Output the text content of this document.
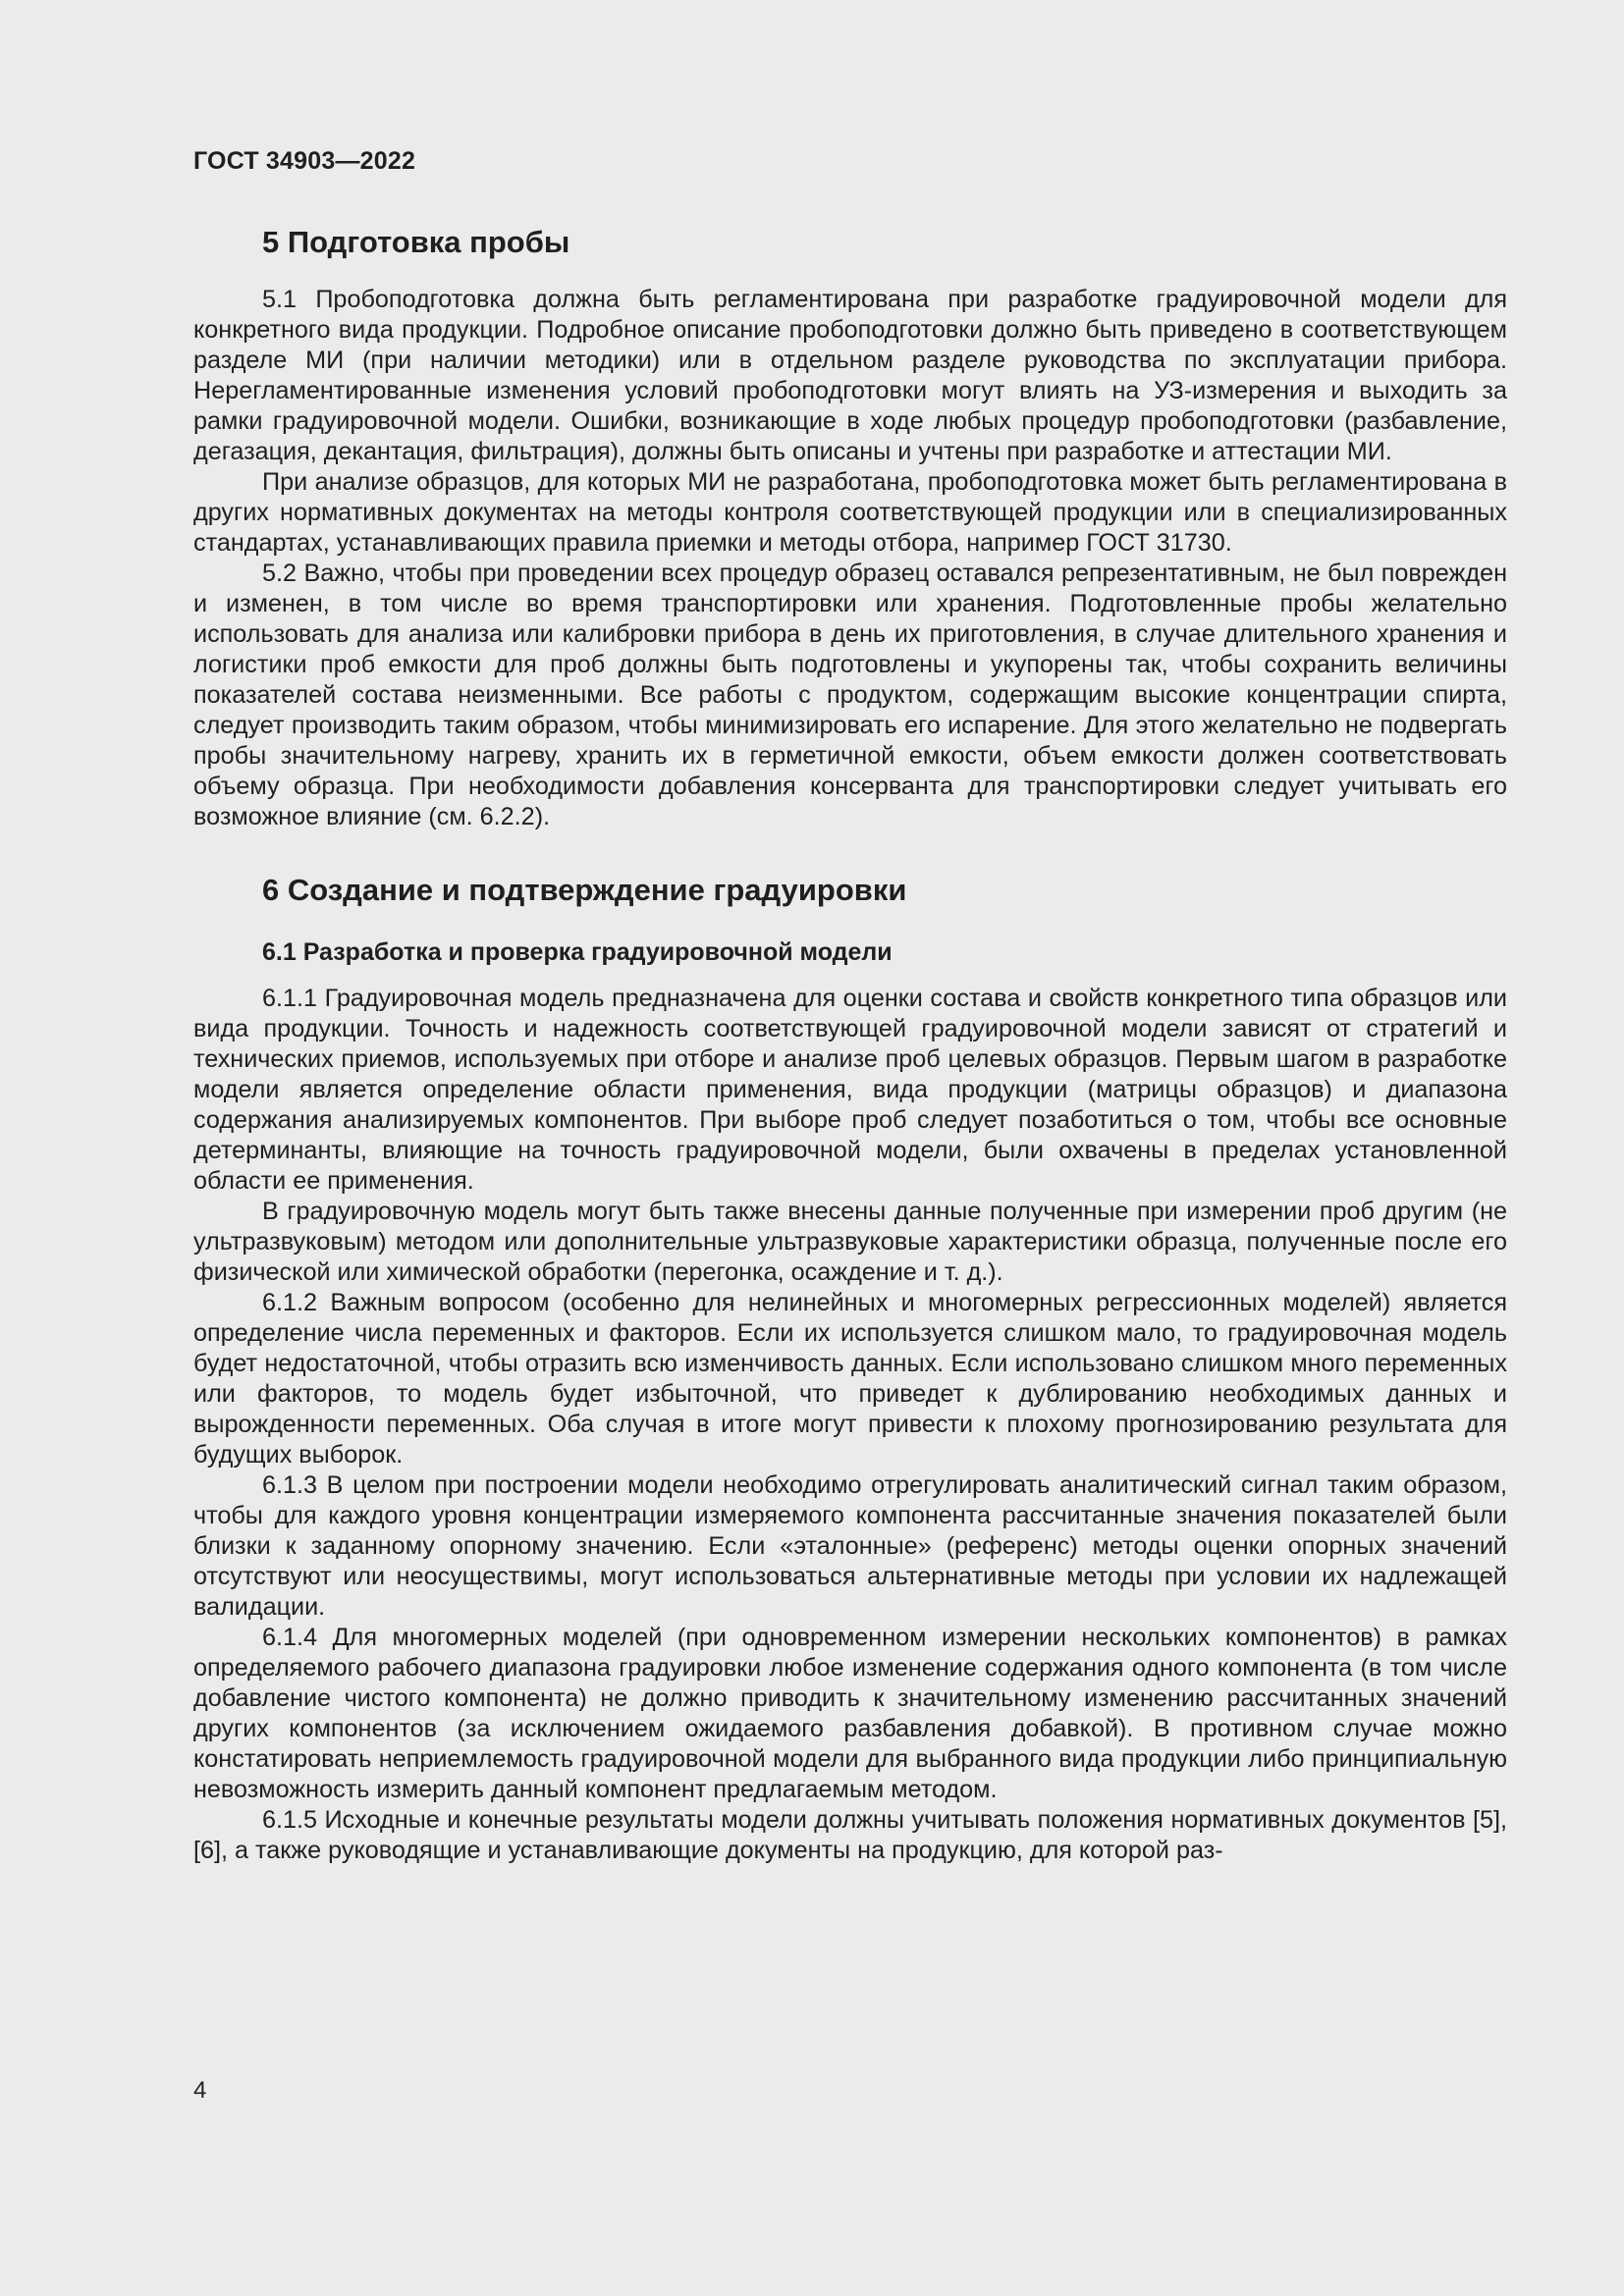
ГОСТ 34903—2022
5 Подготовка пробы

5.1 Пробоподготовка должна быть регламентирована при разработке градуировочной модели для конкретного вида продукции. Подробное описание пробоподготовки должно быть приведено в соответствующем разделе МИ (при наличии методики) или в отдельном разделе руководства по эксплуатации прибора. Нерегламентированные изменения условий пробоподготовки могут влиять на УЗ-измерения и выходить за рамки градуировочной модели. Ошибки, возникающие в ходе любых процедур пробоподготовки (разбавление, дегазация, декантация, фильтрация), должны быть описаны и учтены при разработке и аттестации МИ.

При анализе образцов, для которых МИ не разработана, пробоподготовка может быть регламентирована в других нормативных документах на методы контроля соответствующей продукции или в специализированных стандартах, устанавливающих правила приемки и методы отбора, например ГОСТ 31730.

5.2 Важно, чтобы при проведении всех процедур образец оставался репрезентативным, не был поврежден и изменен, в том числе во время транспортировки или хранения. Подготовленные пробы желательно использовать для анализа или калибровки прибора в день их приготовления, в случае длительного хранения и логистики проб емкости для проб должны быть подготовлены и укупорены так, чтобы сохранить величины показателей состава неизменными. Все работы с продуктом, содержащим высокие концентрации спирта, следует производить таким образом, чтобы минимизировать его испарение. Для этого желательно не подвергать пробы значительному нагреву, хранить их в герметичной емкости, объем емкости должен соответствовать объему образца. При необходимости добавления консерванта для транспортировки следует учитывать его возможное влияние (см. 6.2.2).

6 Создание и подтверждение градуировки
6.1 Разработка и проверка градуировочной модели

6.1.1 Градуировочная модель предназначена для оценки состава и свойств конкретного типа образцов или вида продукции. Точность и надежность соответствующей градуировочной модели зависят от стратегий и технических приемов, используемых при отборе и анализе проб целевых образцов. Первым шагом в разработке модели является определение области применения, вида продукции (матрицы образцов) и диапазона содержания анализируемых компонентов. При выборе проб следует позаботиться о том, чтобы все основные детерминанты, влияющие на точность градуировочной модели, были охвачены в пределах установленной области ее применения.

В градуировочную модель могут быть также внесены данные полученные при измерении проб другим (не ультразвуковым) методом или дополнительные ультразвуковые характеристики образца, полученные после его физической или химической обработки (перегонка, осаждение и т. д.).

6.1.2 Важным вопросом (особенно для нелинейных и многомерных регрессионных моделей) является определение числа переменных и факторов. Если их используется слишком мало, то градуировочная модель будет недостаточной, чтобы отразить всю изменчивость данных. Если использовано слишком много переменных или факторов, то модель будет избыточной, что приведет к дублированию необходимых данных и вырожденности переменных. Оба случая в итоге могут привести к плохому прогнозированию результата для будущих выборок.

6.1.3 В целом при построении модели необходимо отрегулировать аналитический сигнал таким образом, чтобы для каждого уровня концентрации измеряемого компонента рассчитанные значения показателей были близки к заданному опорному значению. Если «эталонные» (референс) методы оценки опорных значений отсутствуют или неосуществимы, могут использоваться альтернативные методы при условии их надлежащей валидации.

6.1.4 Для многомерных моделей (при одновременном измерении нескольких компонентов) в рамках определяемого рабочего диапазона градуировки любое изменение содержания одного компонента (в том числе добавление чистого компонента) не должно приводить к значительному изменению рассчитанных значений других компонентов (за исключением ожидаемого разбавления добавкой). В противном случае можно констатировать неприемлемость градуировочной модели для выбранного вида продукции либо принципиальную невозможность измерить данный компонент предлагаемым методом.

6.1.5 Исходные и конечные результаты модели должны учитывать положения нормативных документов [5], [6], а также руководящие и устанавливающие документы на продукцию, для которой раз-

4
